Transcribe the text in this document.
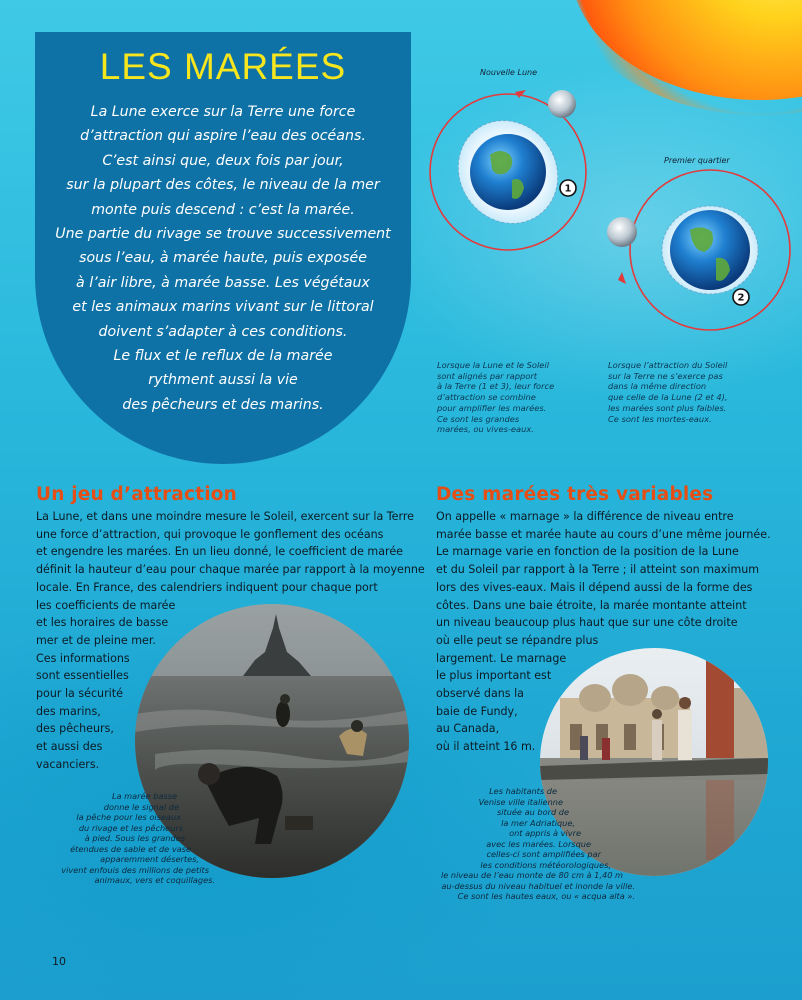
LES MARÉES
La Lune exerce sur la Terre une force
d’attraction qui aspire l’eau des océans.
C’est ainsi que, deux fois par jour,
sur la plupart des côtes, le niveau de la mer
monte puis descend : c’est la marée.
Une partie du rivage se trouve successivement
sous l’eau, à marée haute, puis exposée
à l’air libre, à marée basse. Les végétaux
et les animaux marins vivant sur le littoral
doivent s’adapter à ces conditions.
Le flux et le reflux de la marée
rythment aussi la vie
des pêcheurs et des marins.
1
2
Nouvelle Lune
Premier quartier
Lorsque la Lune et le Soleil
sont alignés par rapport
à la Terre (1 et 3), leur force
d’attraction se combine
pour amplifier les marées.
Ce sont les grandes
marées, ou vives-eaux.
Lorsque l’attraction du Soleil
sur la Terre ne s’exerce pas
dans la même direction
que celle de la Lune (2 et 4),
les marées sont plus faibles.
Ce sont les mortes-eaux.
Un jeu d’attraction
La Lune, et dans une moindre mesure le Soleil, exercent sur la Terre
une force d’attraction, qui provoque le gonflement des océans
et engendre les marées. En un lieu donné, le coefficient de marée
définit la hauteur d’eau pour chaque marée par rapport à la moyenne
locale. En France, des calendriers indiquent pour chaque port
les coefficients de marée
et les horaires de basse
mer et de pleine mer.
Ces informations
sont essentielles
pour la sécurité
des marins,
des pêcheurs,
et aussi des
vacanciers.
La marée basse
donne le signal de
la pêche pour les oiseaux
du rivage et les pêcheurs
à pied. Sous les grandes
étendues de sable et de vase
apparemment désertes,
vivent enfouis des millions de petits
animaux, vers et coquillages.
Des marées très variables
On appelle « marnage » la différence de niveau entre
marée basse et marée haute au cours d’une même journée.
Le marnage varie en fonction de la position de la Lune
et du Soleil par rapport à la Terre ; il atteint son maximum
lors des vives-eaux. Mais il dépend aussi de la forme des
côtes. Dans une baie étroite, la marée montante atteint
un niveau beaucoup plus haut que sur une côte droite
où elle peut se répandre plus
largement. Le marnage
le plus important est
observé dans la
baie de Fundy,
au Canada,
où il atteint 16 m.
Les habitants de
Venise ville italienne
située au bord de
la mer Adriatique,
ont appris à vivre
avec les marées. Lorsque
celles-ci sont amplifiées par
les conditions météorologiques,
le niveau de l’eau monte de 80 cm à 1,40 m
au-dessus du niveau habituel et inonde la ville.
Ce sont les hautes eaux, ou « acqua alta ».
10
